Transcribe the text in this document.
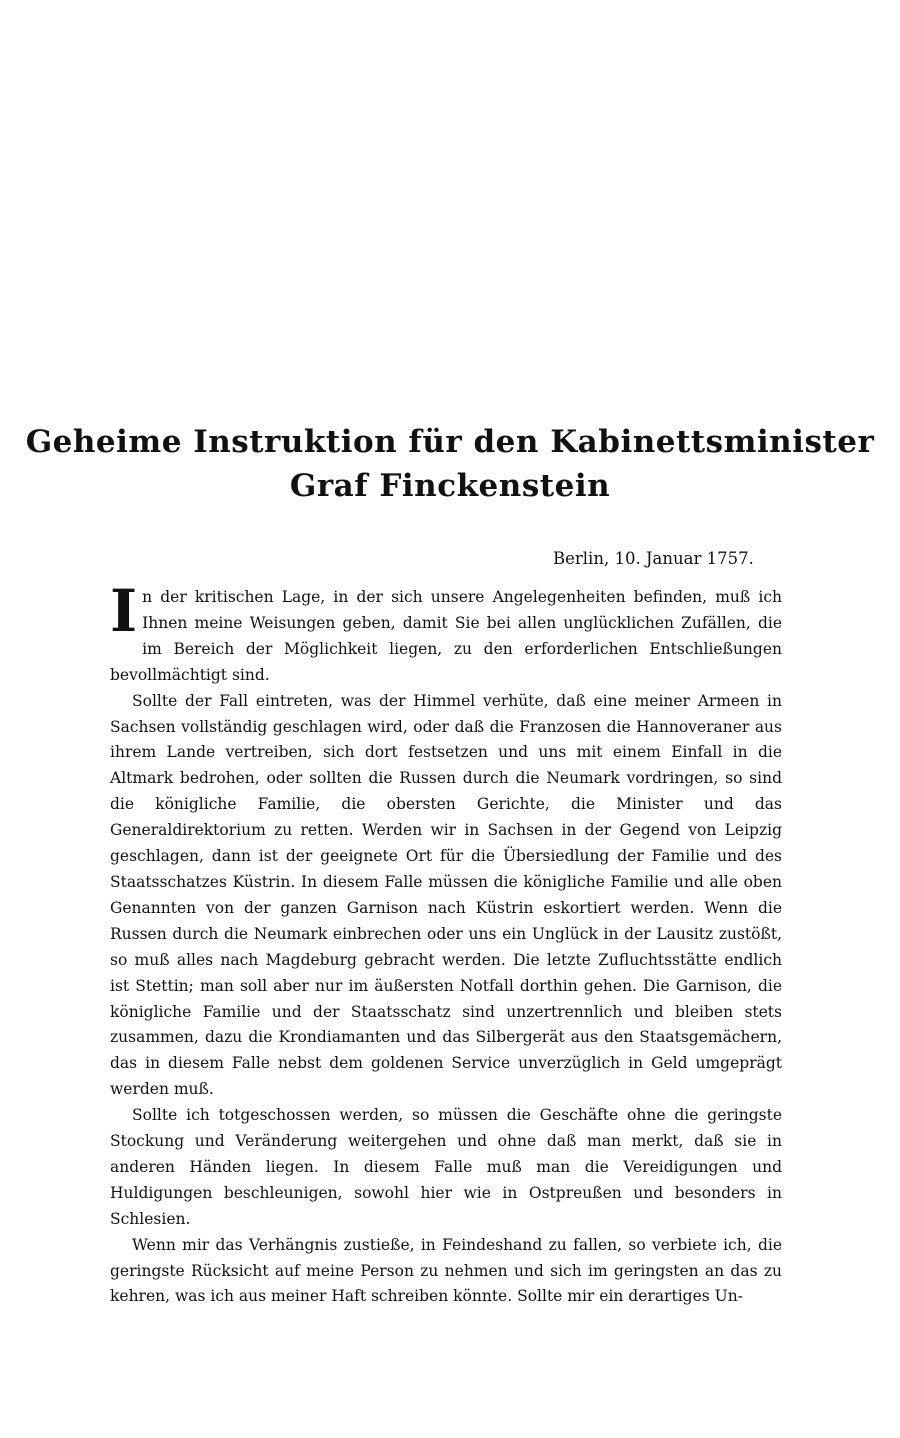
Geheime Instruktion für den Kabinettsminister
Graf Finckenstein
Berlin, 10. Januar 1757.

In der kritischen Lage, in der sich unsere Angelegenheiten befinden, muß ich Ihnen meine Weisungen geben, damit Sie bei allen unglücklichen Zufällen, die im Bereich der Möglichkeit liegen, zu den erforderlichen Entschließungen bevollmächtigt sind.

Sollte der Fall eintreten, was der Himmel verhüte, daß eine meiner Armeen in Sachsen vollständig geschlagen wird, oder daß die Franzosen die Hannoveraner aus ihrem Lande vertreiben, sich dort festsetzen und uns mit einem Einfall in die Altmark bedrohen, oder sollten die Russen durch die Neumark vordringen, so sind die königliche Familie, die obersten Gerichte, die Minister und das Generaldirektorium zu retten. Werden wir in Sachsen in der Gegend von Leipzig geschlagen, dann ist der geeignete Ort für die Übersiedlung der Familie und des Staatsschatzes Küstrin. In diesem Falle müssen die königliche Familie und alle oben Genannten von der ganzen Garnison nach Küstrin eskortiert werden. Wenn die Russen durch die Neumark einbrechen oder uns ein Unglück in der Lausitz zustößt, so muß alles nach Magdeburg gebracht werden. Die letzte Zufluchtsstätte endlich ist Stettin; man soll aber nur im äußersten Notfall dorthin gehen. Die Garnison, die königliche Familie und der Staatsschatz sind unzertrennlich und bleiben stets zusammen, dazu die Krondiamanten und das Silbergerät aus den Staatsgemächern, das in diesem Falle nebst dem goldenen Service unverzüglich in Geld umgeprägt werden muß.

Sollte ich totgeschossen werden, so müssen die Geschäfte ohne die geringste Stockung und Veränderung weitergehen und ohne daß man merkt, daß sie in anderen Händen liegen. In diesem Falle muß man die Vereidigungen und Huldigungen beschleunigen, sowohl hier wie in Ostpreußen und besonders in Schlesien.

Wenn mir das Verhängnis zustieße, in Feindeshand zu fallen, so verbiete ich, die geringste Rücksicht auf meine Person zu nehmen und sich im geringsten an das zu kehren, was ich aus meiner Haft schreiben könnte. Sollte mir ein derartiges Un-
